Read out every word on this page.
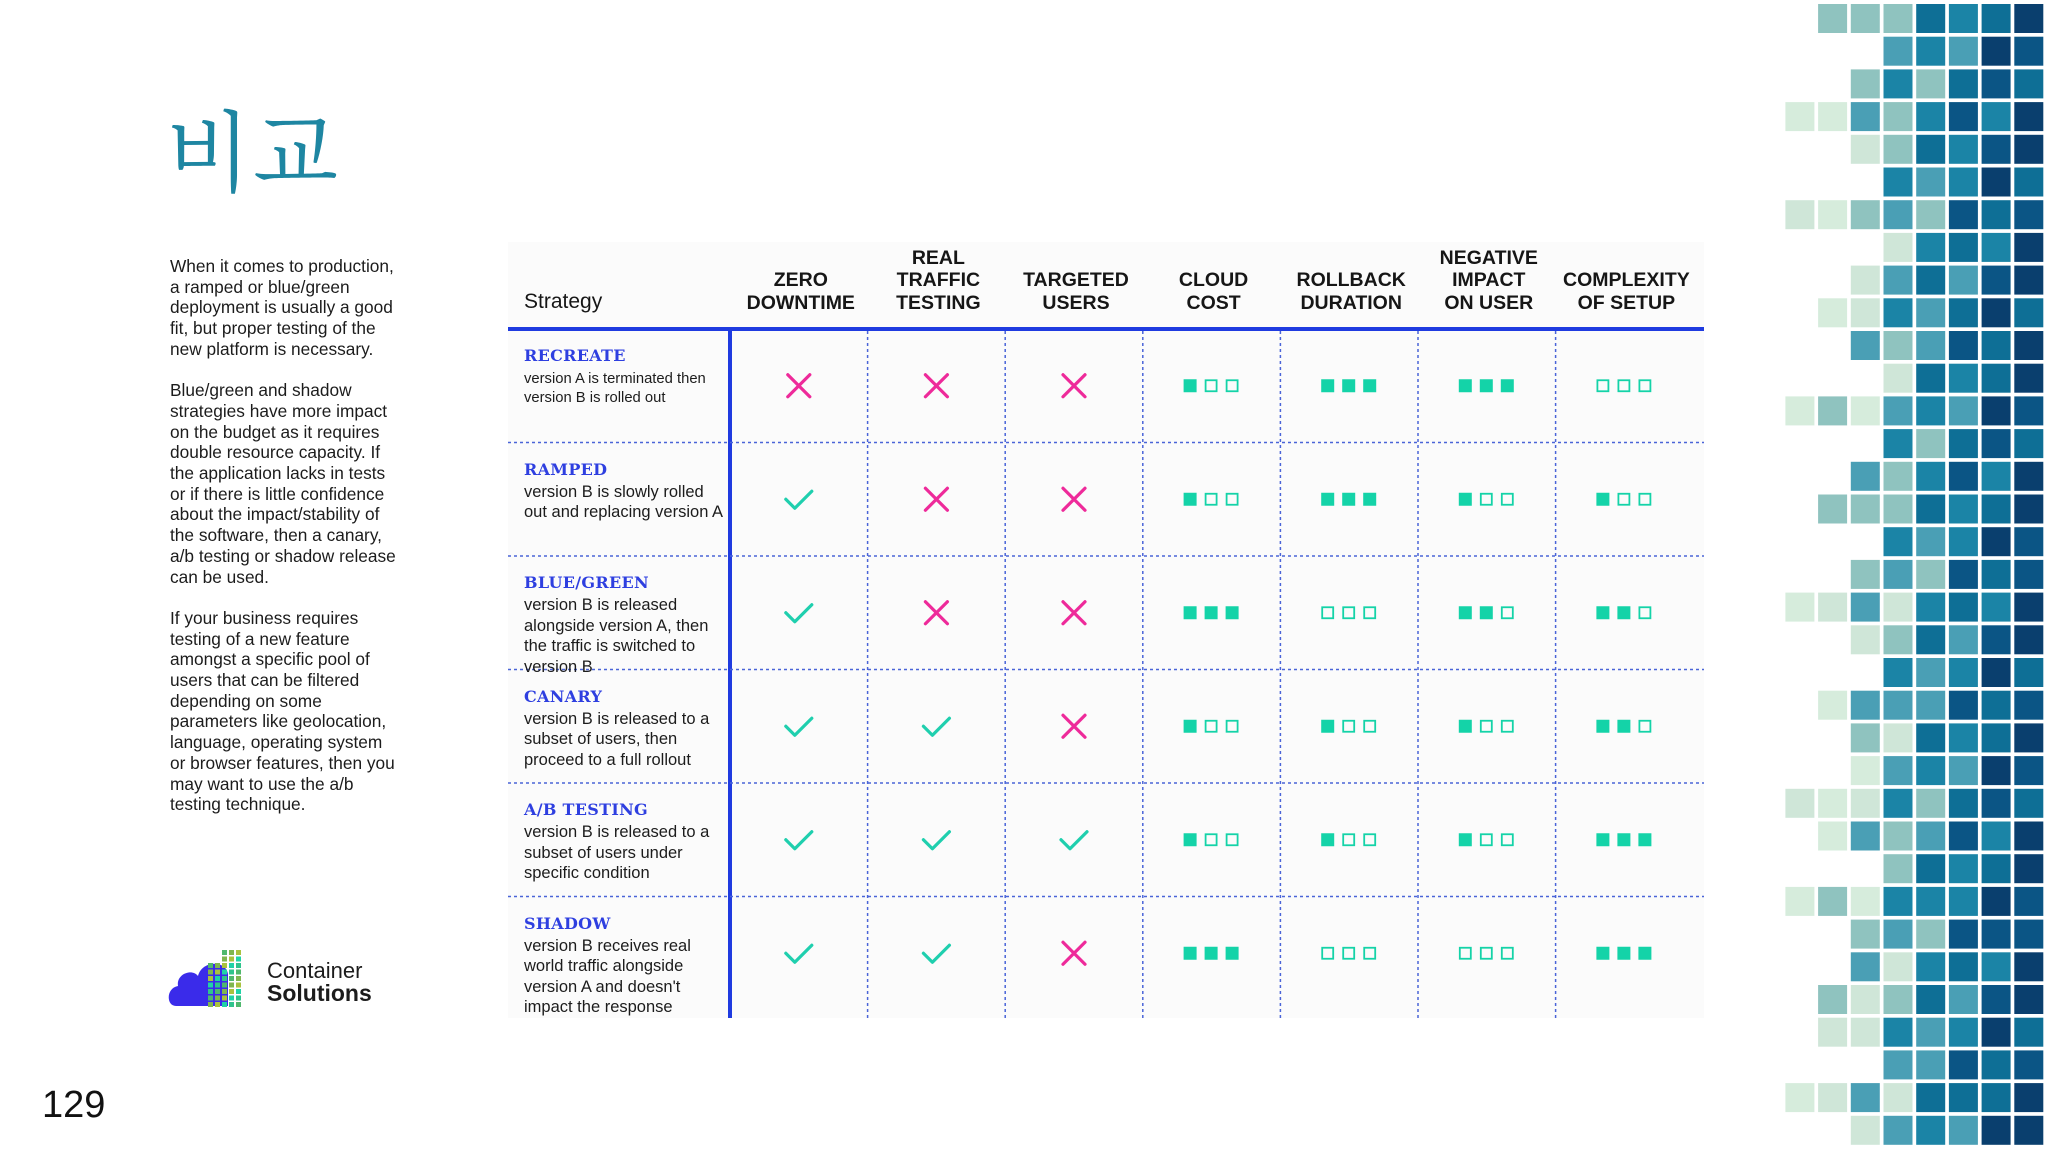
비교

When it comes to production, a ramped or blue/green deployment is usually a good fit, but proper testing of the new platform is necessary.

Blue/green and shadow strategies have more impact on the budget as it requires double resource capacity. If the application lacks in tests or if there is little confidence about the impact/stability of the software, then a canary, a/b testing or shadow release can be used.

If your business requires testing of a new feature amongst a specific pool of users that can be filtered depending on some parameters like geolocation, language, operating system or browser features, then you may want to use the a/b testing technique.

Container
Solutions
129
Strategy
ZERO
DOWNTIME
REAL
TRAFFIC
TESTING
TARGETED
USERS
CLOUD
COST
ROLLBACK
DURATION
NEGATIVE
IMPACT
ON USER
COMPLEXITY
OF SETUP
RECREATE
version A is terminated then version B is rolled out
RAMPED
version B is slowly rolled out and replacing version A
BLUE/GREEN
version B is released alongside version A, then the traffic is switched to version B
CANARY
version B is released to a subset of users, then proceed to a full rollout
A/B TESTING
version B is released to a subset of users under specific condition
SHADOW
version B receives real world traffic alongside version A and doesn't impact the response
